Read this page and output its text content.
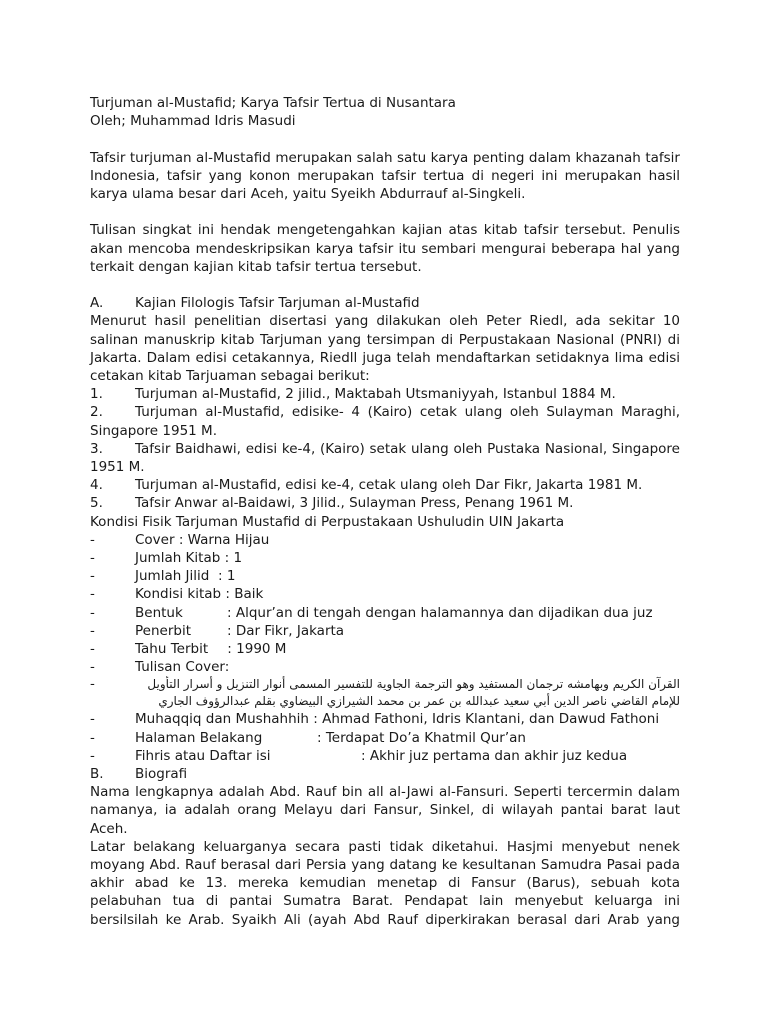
Turjuman al-Mustafid; Karya Tafsir Tertua di Nusantara
Oleh; Muhammad Idris Masudi
Tafsir turjuman al-Mustafid merupakan salah satu karya penting dalam khazanah tafsir
Indonesia, tafsir yang konon merupakan tafsir tertua di negeri ini merupakan hasil
karya ulama besar dari Aceh, yaitu Syeikh Abdurrauf al-Singkeli.
Tulisan singkat ini hendak mengetengahkan kajian atas kitab tafsir tersebut. Penulis
akan mencoba mendeskripsikan karya tafsir itu sembari mengurai beberapa hal yang
terkait dengan kajian kitab tafsir tertua tersebut.
A.	Kajian Filologis Tafsir Tarjuman al-Mustafid
Menurut hasil penelitian disertasi yang dilakukan oleh Peter Riedl, ada sekitar 10
salinan manuskrip kitab Tarjuman yang tersimpan di Perpustakaan Nasional (PNRI) di
Jakarta. Dalam edisi cetakannya, Riedll juga telah mendaftarkan setidaknya lima edisi
cetakan kitab Tarjuaman sebagai berikut:
1.	Turjuman al-Mustafid, 2 jilid., Maktabah Utsmaniyyah, Istanbul 1884 M.
2.	Turjuman al-Mustafid, edisike- 4 (Kairo) cetak ulang oleh Sulayman Maraghi,
Singapore 1951 M.
3.	Tafsir Baidhawi, edisi ke-4, (Kairo) setak ulang oleh Pustaka Nasional, Singapore
1951 M.
4.	Turjuman al-Mustafid, edisi ke-4, cetak ulang oleh Dar Fikr, Jakarta 1981 M.
5.	Tafsir Anwar al-Baidawi, 3 Jilid., Sulayman Press, Penang 1961 M.
Kondisi Fisik Tarjuman Mustafid di Perpustakaan Ushuludin UIN Jakarta
-	Cover : Warna Hijau
-	Jumlah Kitab : 1
-	Jumlah Jilid : 1
-	Kondisi kitab : Baik
-	Bentuk	: Alqur’an di tengah dengan halamannya dan dijadikan dua juz
-	Penerbit	: Dar Fikr, Jakarta
-	Tahu Terbit	: 1990 M
-	Tulisan Cover:
-	القرآن الكريم وبهامشه ترجمان المستفيد وهو الترجمة الجاوية للتفسير المسمى أنوار التنزيل و أسرار التأويل
للإمام القاضي ناصر الدين أبي سعيد عبدالله بن عمر بن محمد الشيرازي البيضاوي بقلم عبدالرؤوف الجاري
-	Muhaqqiq dan Mushahhih : Ahmad Fathoni, Idris Klantani, dan Dawud Fathoni
-	Halaman Belakang	: Terdapat Do’a Khatmil Qur’an
-	Fihris atau Daftar isi	: Akhir juz pertama dan akhir juz kedua
B.	Biografi
Nama lengkapnya adalah Abd. Rauf bin all al-Jawi al-Fansuri. Seperti tercermin dalam
namanya, ia adalah orang Melayu dari Fansur, Sinkel, di wilayah pantai barat laut
Aceh.
Latar belakang keluarganya secara pasti tidak diketahui. Hasjmi menyebut nenek
moyang Abd. Rauf berasal dari Persia yang datang ke kesultanan Samudra Pasai pada
akhir abad ke 13. mereka kemudian menetap di Fansur (Barus), sebuah kota
pelabuhan tua di pantai Sumatra Barat. Pendapat lain menyebut keluarga ini
bersilsilah ke Arab. Syaikh Ali (ayah Abd Rauf diperkirakan berasal dari Arab yang
